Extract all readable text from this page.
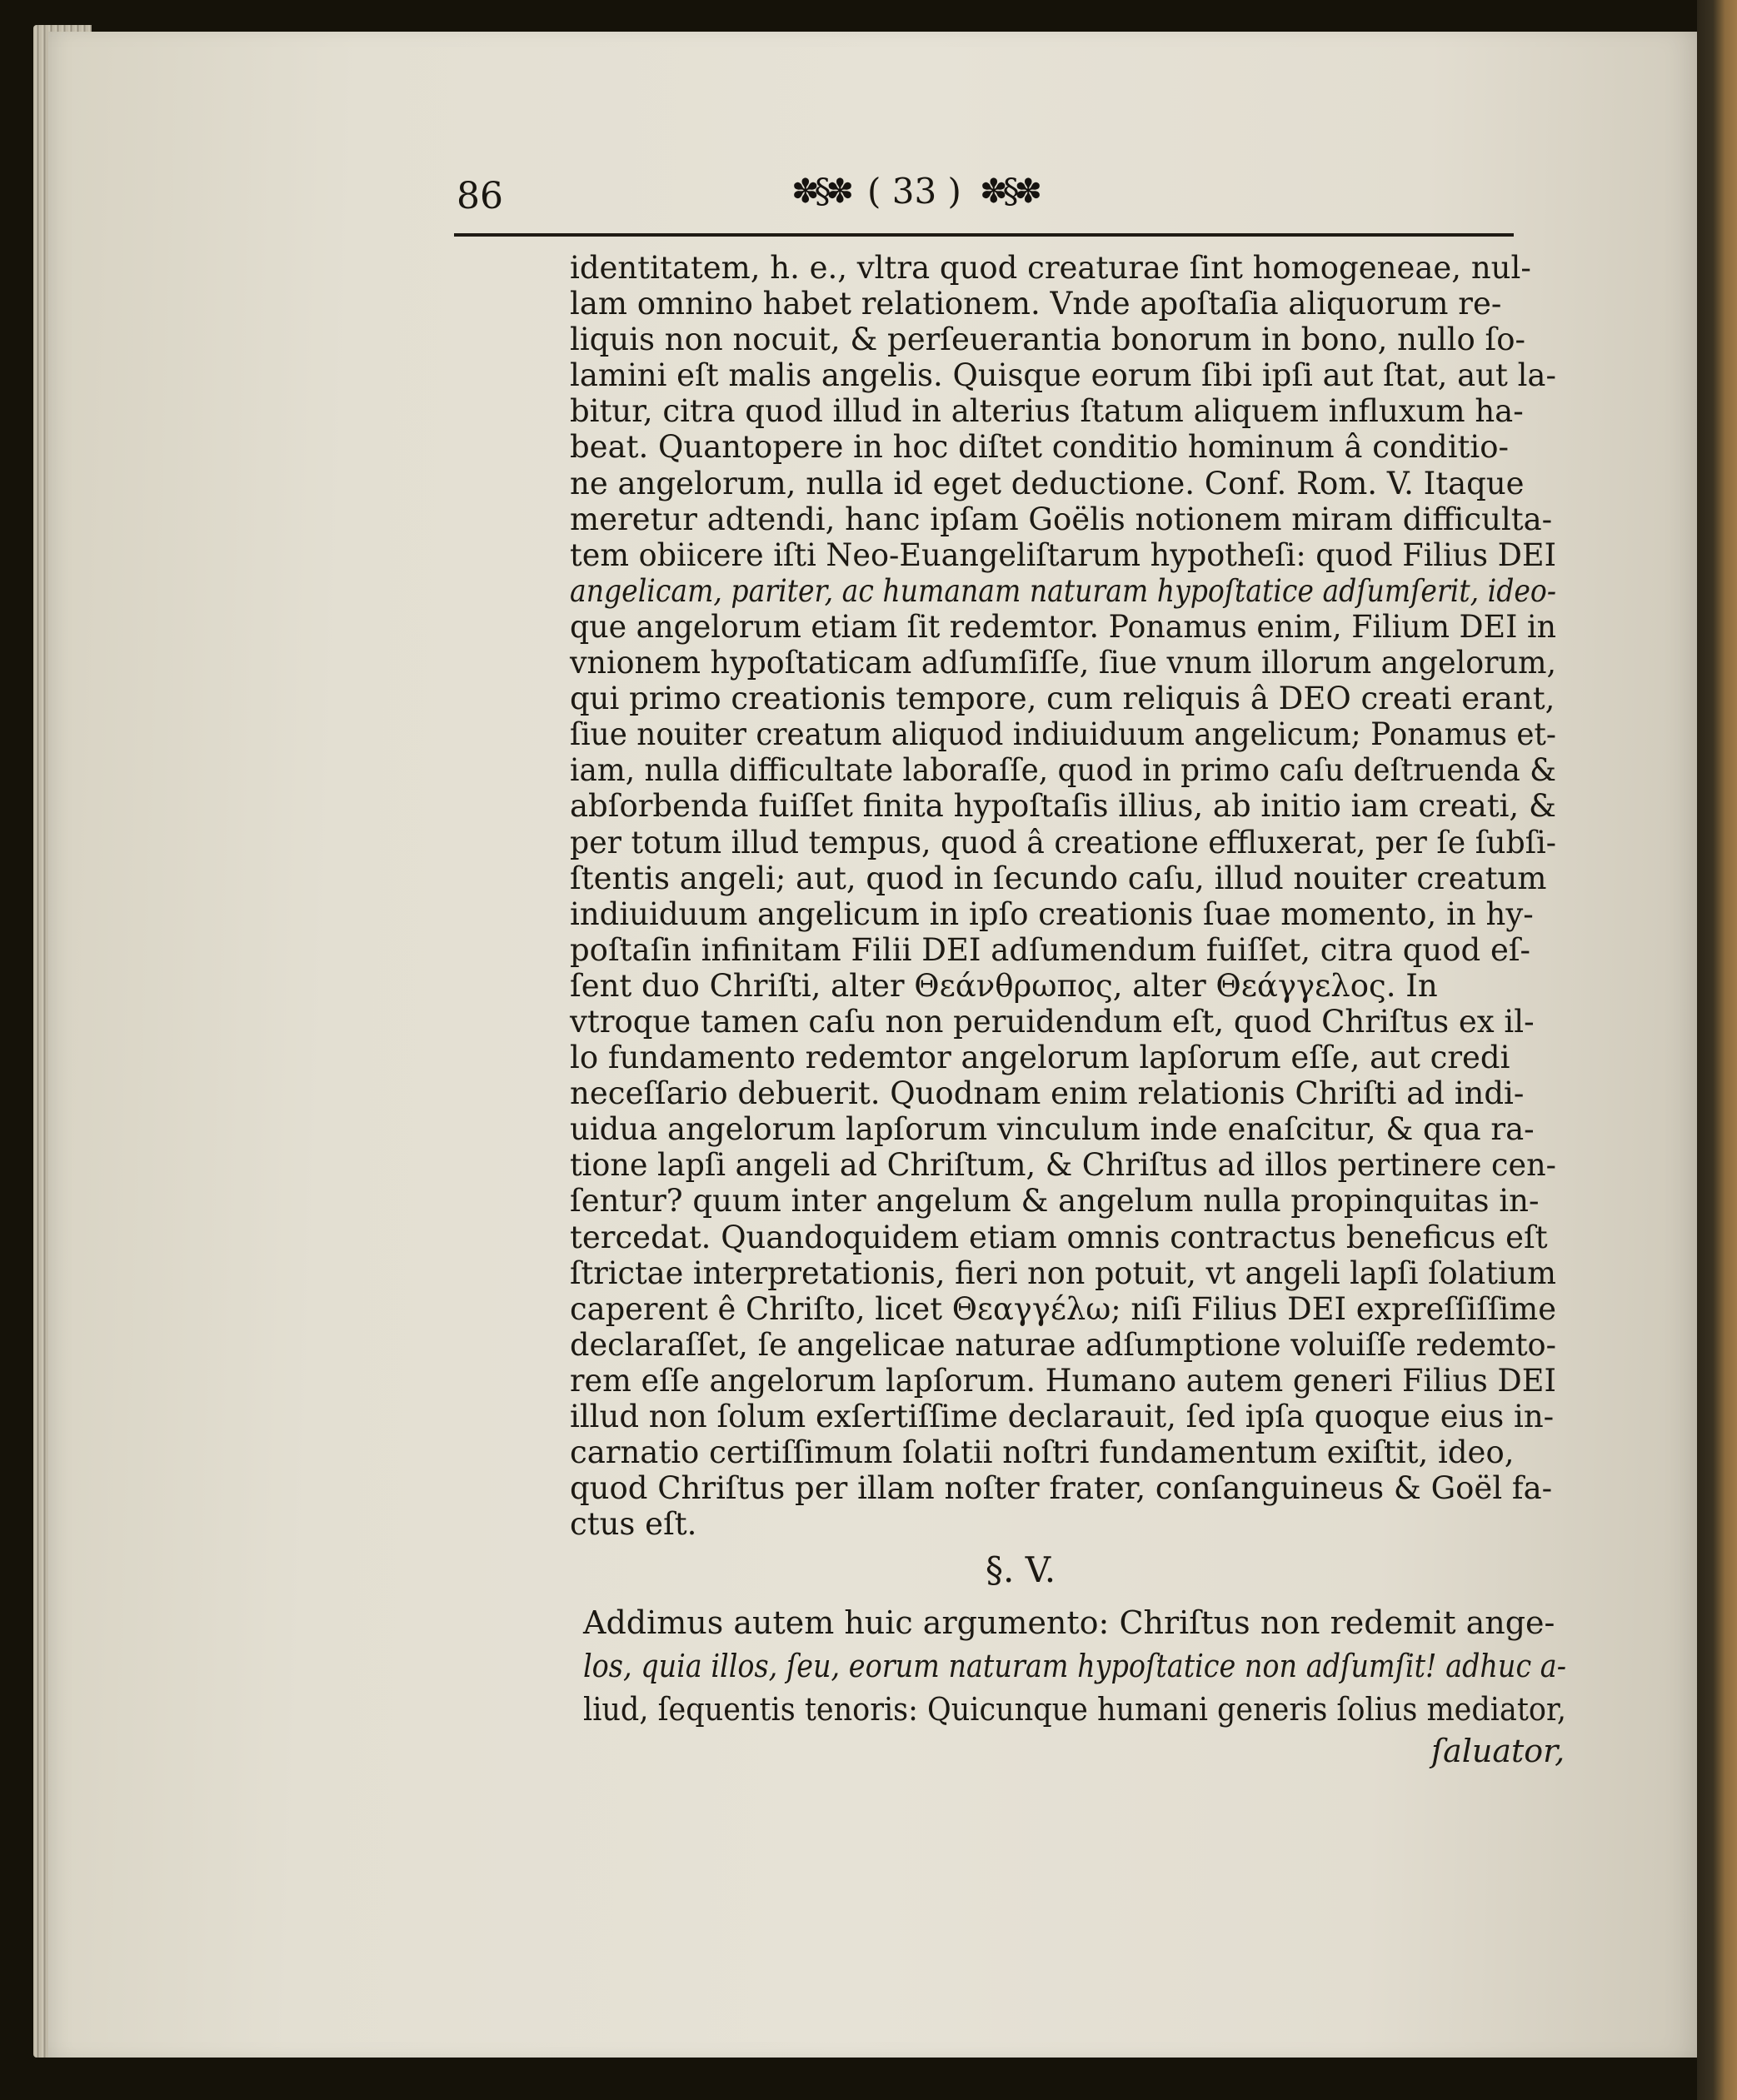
86	✽§✽ ( 33 ) ✽§✽
identitatem, h. e., vltra quod creaturae ſint homogeneae, nul-
lam omnino habet relationem. Vnde apoſtaſia aliquorum re-
liquis non nocuit, & perſeuerantia bonorum in bono, nullo ſo-
lamini eſt malis angelis. Quisque eorum ſibi ipſi aut ſtat, aut la-
bitur, citra quod illud in alterius ſtatum aliquem influxum ha-
beat. Quantopere in hoc diſtet conditio hominum â conditio-
ne angelorum, nulla id eget deductione. Conf. Rom. V. Itaque
meretur adtendi, hanc ipſam Goëlis notionem miram difficulta-
tem obiicere iſti Neo-Euangeliſtarum hypotheſi: quod Filius DEI
angelicam, pariter, ac humanam naturam hypoſtatice adſumſerit, ideo-
que angelorum etiam ſit redemtor. Ponamus enim, Filium DEI in
vnionem hypoſtaticam adſumſiſſe, ſiue vnum illorum angelorum,
qui primo creationis tempore, cum reliquis â DEO creati erant,
ſiue nouiter creatum aliquod indiuiduum angelicum; Ponamus et-
iam, nulla difficultate laboraſſe, quod in primo caſu deſtruenda &
abſorbenda fuiſſet finita hypoſtaſis illius, ab initio iam creati, &
per totum illud tempus, quod â creatione effluxerat, per ſe ſubſi-
ſtentis angeli; aut, quod in ſecundo caſu, illud nouiter creatum
indiuiduum angelicum in ipſo creationis ſuae momento, in hy-
poſtaſin infinitam Filii DEI adſumendum fuiſſet, citra quod eſ-
ſent duo Chriſti, alter Θεάνθρωπος, alter Θεάγγελος. In
vtroque tamen caſu non peruidendum eſt, quod Chriſtus ex il-
lo fundamento redemtor angelorum lapſorum eſſe, aut credi
neceſſario debuerit. Quodnam enim relationis Chriſti ad indi-
uidua angelorum lapſorum vinculum inde enaſcitur, & qua ra-
tione lapſi angeli ad Chriſtum, & Chriſtus ad illos pertinere cen-
ſentur? quum inter angelum & angelum nulla propinquitas in-
tercedat. Quandoquidem etiam omnis contractus beneficus eſt
ſtrictae interpretationis, fieri non potuit, vt angeli lapſi ſolatium
caperent ê Chriſto, licet Θεαγγέλω; niſi Filius DEI expreſſiſſime
declaraſſet, ſe angelicae naturae adſumptione voluiſſe redemto-
rem eſſe angelorum lapſorum. Humano autem generi Filius DEI
illud non ſolum exſertiſſime declarauit, ſed ipſa quoque eius in-
carnatio certiſſimum ſolatii noſtri fundamentum exiſtit, ideo,
quod Chriſtus per illam noſter frater, conſanguineus & Goël fa-
ctus eſt.
§. V.
Addimus autem huic argumento: Chriſtus non redemit ange-
los, quia illos, ſeu, eorum naturam hypoſtatice non adſumſit! adhuc a-
liud, ſequentis tenoris: Quicunque humani generis ſolius mediator,
ſaluator,
